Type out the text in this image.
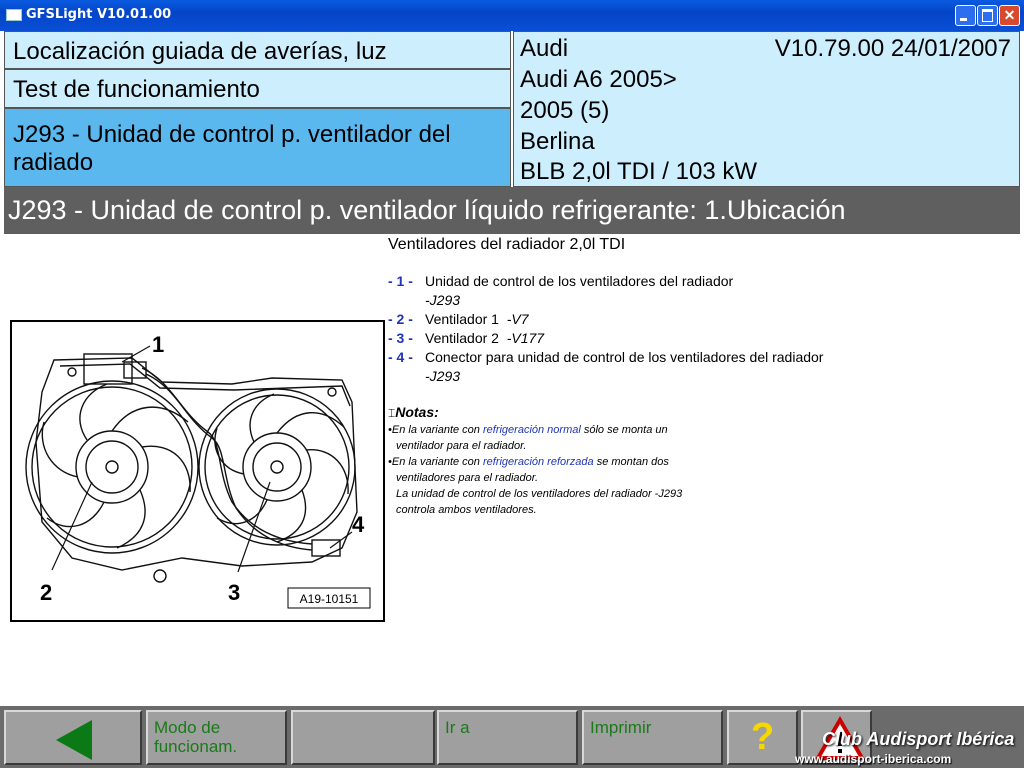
GFSLight V10.01.00	✕
Localización guiada de averías, luz
Test de funcionamiento
J293 - Unidad de control p. ventilador del radiado
Audi	V10.79.00 24/01/2007
Audi A6 2005>
2005 (5)
Berlina
BLB 2,0l TDI / 103 kW
J293 - Unidad de control p. ventilador líquido refrigerante: 1.Ubicación
1
2	3
4
A19-10151

Ventiladores del radiador 2,0l TDI

- 1 - Unidad de control de los ventiladores del radiador
-J293
- 2 - Ventilador 1 -V7
- 3 - Ventilador 2 -V177
- 4 - Conector para unidad de control de los ventiladores del radiador
-J293
⌶Notas:
•En la variante con refrigeración normal sólo se monta un
ventilador para el radiador.
•En la variante con refrigeración reforzada se montan dos
ventiladores para el radiador.
La unidad de control de los ventiladores del radiador -J293
controla ambos ventiladores.
Modo de
funcionam.
Ir a	Imprimir	?	Club Audisport Ibérica
www.audisport-iberica.com
